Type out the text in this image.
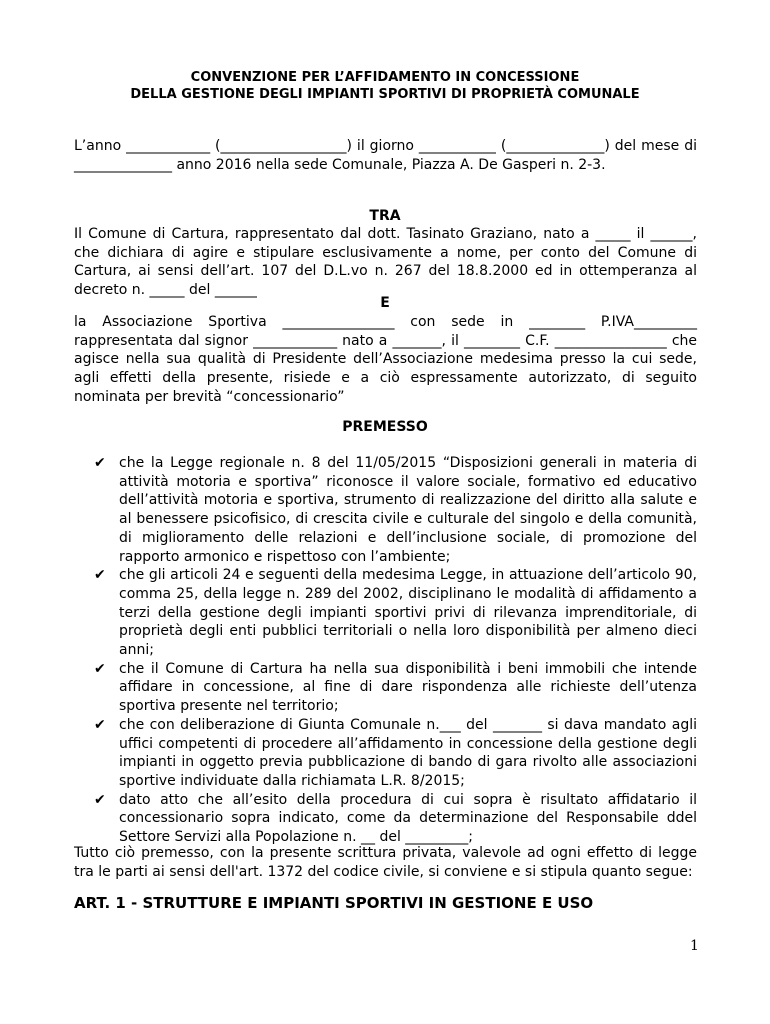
CONVENZIONE PER L’AFFIDAMENTO IN CONCESSIONE
DELLA GESTIONE DEGLI IMPIANTI SPORTIVI DI PROPRIETÀ COMUNALE

L’anno ____________ (__________________) il giorno ___________ (______________) del mese di ______________ anno 2016 nella sede Comunale, Piazza A. De Gasperi n. 2-3.

TRA

Il Comune di Cartura, rappresentato dal dott. Tasinato Graziano, nato a _____ il ______, che dichiara di agire e stipulare esclusivamente a nome, per conto del Comune di Cartura, ai sensi dell’art. 107 del D.L.vo n. 267 del 18.8.2000 ed in ottemperanza al decreto n. _____ del ______

E

la Associazione Sportiva ________________ con sede in ________ P.IVA_________ rappresentata dal signor ____________ nato a _______, il ________ C.F. ________________ che agisce nella sua qualità di Presidente dell’Associazione medesima presso la cui sede, agli effetti della presente, risiede e a ciò espressamente autorizzato, di seguito nominata per brevità “concessionario”

PREMESSO
✔ che la Legge regionale n. 8 del 11/05/2015 “Disposizioni generali in materia di attività motoria e sportiva” riconosce il valore sociale, formativo ed educativo dell’attività motoria e sportiva, strumento di realizzazione del diritto alla salute e al benessere psicofisico, di crescita civile e culturale del singolo e della comunità, di miglioramento delle relazioni e dell’inclusione sociale, di promozione del rapporto armonico e rispettoso con l’ambiente;
✔ che gli articoli 24 e seguenti della medesima Legge, in attuazione dell’articolo 90, comma 25, della legge n. 289 del 2002, disciplinano le modalità di affidamento a terzi della gestione degli impianti sportivi privi di rilevanza imprenditoriale, di proprietà degli enti pubblici territoriali o nella loro disponibilità per almeno dieci anni;
✔ che il Comune di Cartura ha nella sua disponibilità i beni immobili che intende affidare in concessione, al fine di dare rispondenza alle richieste dell’utenza sportiva presente nel territorio;
✔ che con deliberazione di Giunta Comunale n.___ del _______ si dava mandato agli uffici competenti di procedere all’affidamento in concessione della gestione degli impianti in oggetto previa pubblicazione di bando di gara rivolto alle associazioni sportive individuate dalla richiamata L.R. 8/2015;
✔ dato atto che all’esito della procedura di cui sopra è risultato affidatario il concessionario sopra indicato, come da determinazione del Responsabile ddel Settore Servizi alla Popolazione n. __ del _________;

Tutto ciò premesso, con la presente scrittura privata, valevole ad ogni effetto di legge tra le parti ai sensi dell'art. 1372 del codice civile, si conviene e si stipula quanto segue:

ART. 1 - STRUTTURE E IMPIANTI SPORTIVI IN GESTIONE E USO
1
